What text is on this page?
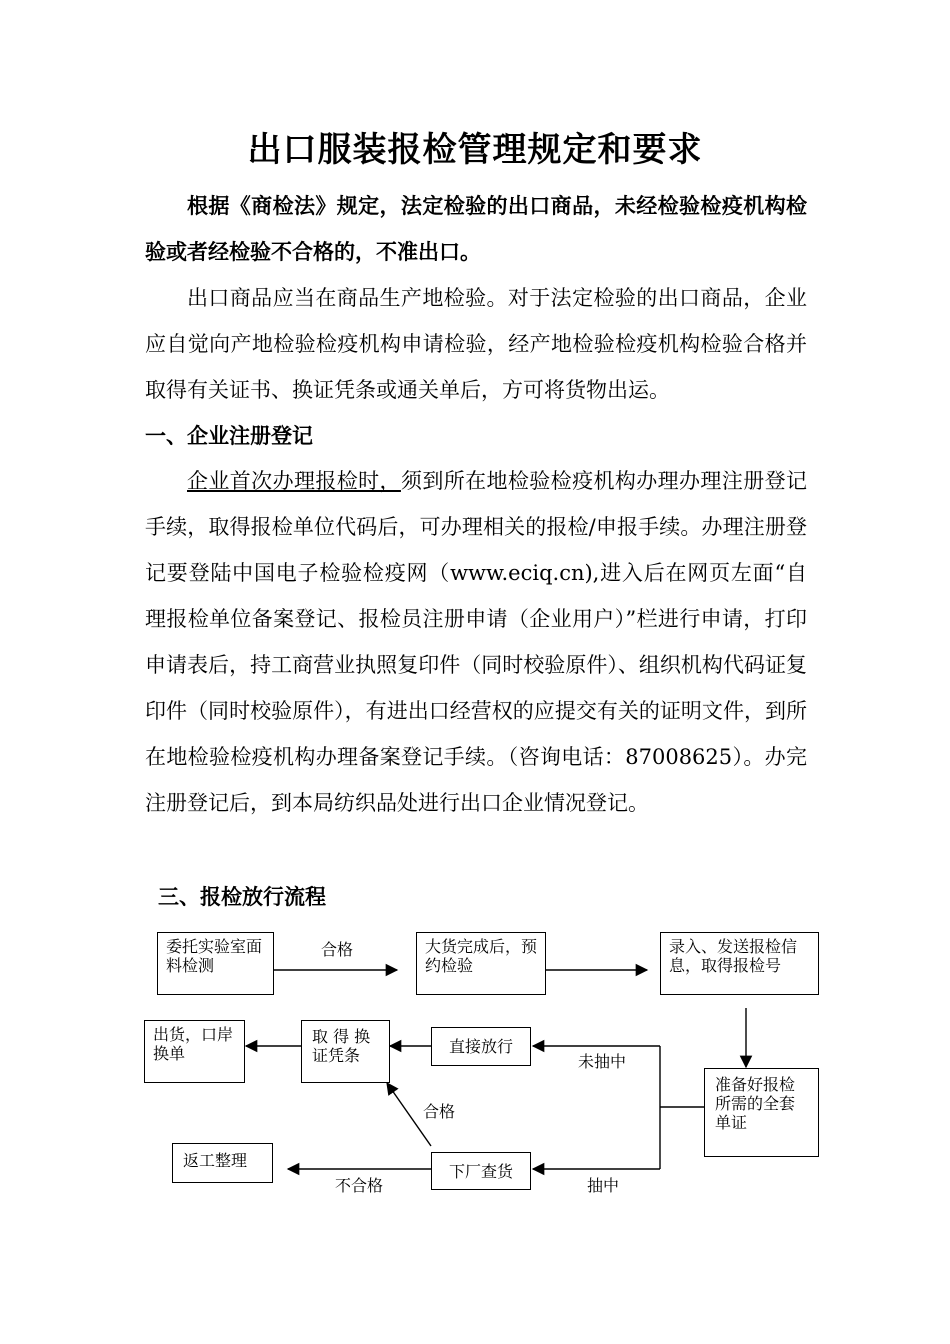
出口服装报检管理规定和要求
根据《商检法》规定，法定检验的出口商品，未经检验检疫机构检验或者经检验不合格的，不准出口。
出口商品应当在商品生产地检验。对于法定检验的出口商品，企业应自觉向产地检验检疫机构申请检验，经产地检验检疫机构检验合格并取得有关证书、换证凭条或通关单后，方可将货物出运。
一、企业注册登记
企业首次办理报检时，须到所在地检验检疫机构办理办理注册登记手续，取得报检单位代码后，可办理相关的报检/申报手续。办理注册登记要登陆中国电子检验检疫网（www.eciq.cn),进入后在网页左面“自理报检单位备案登记、报检员注册申请（企业用户）”栏进行申请，打印申请表后，持工商营业执照复印件（同时校验原件）、组织机构代码证复印件（同时校验原件），有进出口经营权的应提交有关的证明文件，到所在地检验检疫机构办理备案登记手续。（咨询电话：87008625）。办完注册登记后，到本局纺织品处进行出口企业情况登记。
三、报检放行流程
委托实验室面料检测
大货完成后，预约检验
录入、发送报检信息，取得报检号
准备好报检所需的全套单证
直接放行
下厂查货
取 得 换证凭条
出货，口岸换单
返工整理
合格
未抽中
合格
不合格	抽中
